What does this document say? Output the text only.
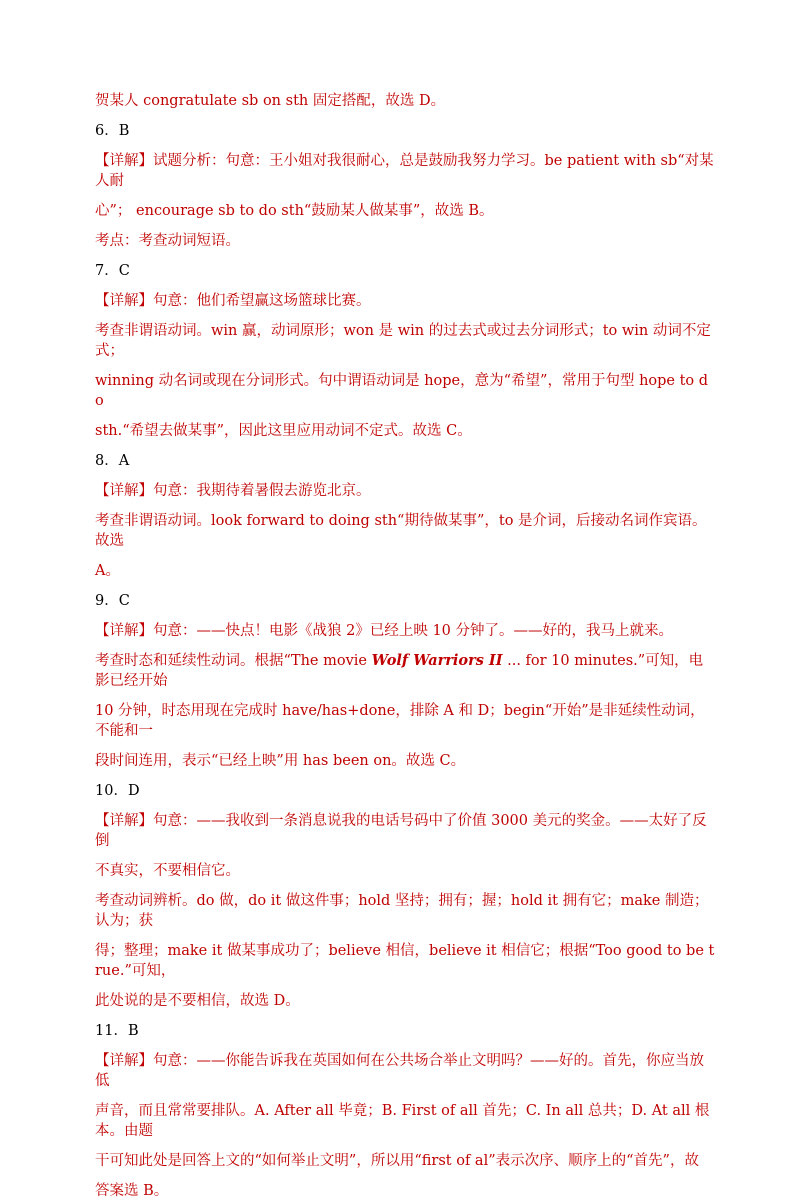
贺某人 congratulate sb on sth 固定搭配，故选 D。

6．B

【详解】试题分析：句意：王小姐对我很耐心，总是鼓励我努力学习。be patient with sb“对某人耐

心”； encourage sb to do sth“鼓励某人做某事”，故选 B。

考点：考查动词短语。

7．C

【详解】句意：他们希望赢这场篮球比赛。

考查非谓语动词。win 赢，动词原形；won 是 win 的过去式或过去分词形式；to win 动词不定式；

winning 动名词或现在分词形式。句中谓语动词是 hope，意为“希望”，常用于句型 hope to do

sth.“希望去做某事”，因此这里应用动词不定式。故选 C。

8．A

【详解】句意：我期待着暑假去游览北京。

考查非谓语动词。look forward to doing sth“期待做某事”，to 是介词，后接动名词作宾语。故选

A。

9．C

【详解】句意：——快点！电影《战狼 2》已经上映 10 分钟了。——好的，我马上就来。

考查时态和延续性动词。根据“The movie Wolf Warriors II ... for 10 minutes.”可知，电影已经开始

10 分钟，时态用现在完成时 have/has+done，排除 A 和 D；begin“开始”是非延续性动词，不能和一

段时间连用，表示“已经上映”用 has been on。故选 C。

10．D

【详解】句意：——我收到一条消息说我的电话号码中了价值 3000 美元的奖金。——太好了反倒

不真实，不要相信它。

考查动词辨析。do 做，do it 做这件事；hold 坚持；拥有；握；hold it 拥有它；make 制造；认为；获

得；整理；make it 做某事成功了；believe 相信，believe it 相信它；根据“Too good to be true.”可知，

此处说的是不要相信，故选 D。

11．B

【详解】句意：——你能告诉我在英国如何在公共场合举止文明吗？——好的。首先，你应当放低

声音，而且常常要排队。A. After all 毕竟；B. First of all 首先；C. In all 总共；D. At all 根本。由题

干可知此处是回答上文的“如何举止文明”，所以用“first of al”表示次序、顺序上的“首先”，故

答案选 B。
